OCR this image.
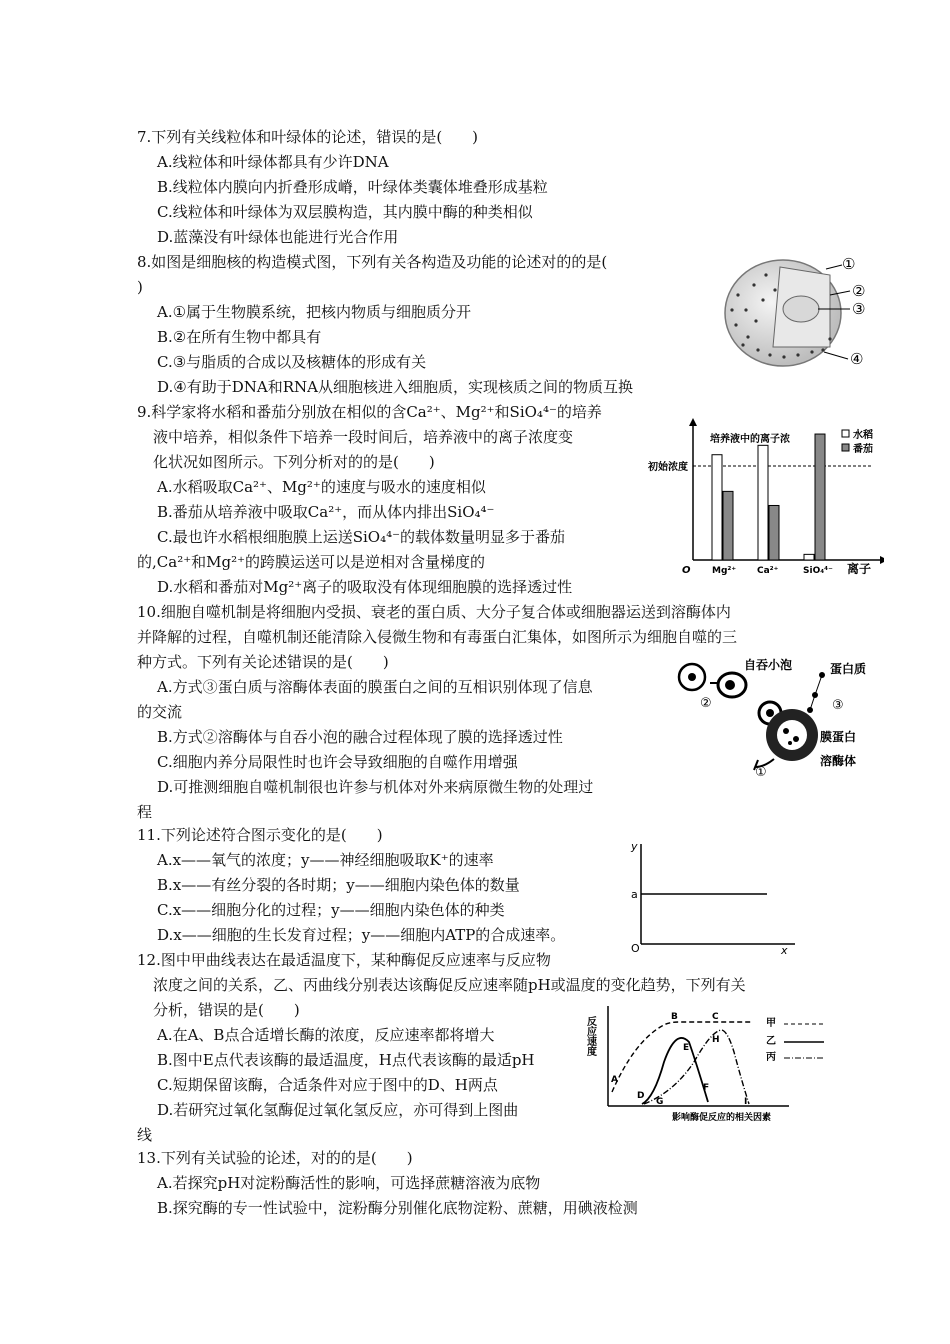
7.下列有关线粒体和叶绿体的论述，错误的是(　　)
A.线粒体和叶绿体都具有少许DNA
B.线粒体内膜向内折叠形成嵴，叶绿体类囊体堆叠形成基粒
C.线粒体和叶绿体为双层膜构造，其内膜中酶的种类相似
D.蓝藻没有叶绿体也能进行光合作用
8.如图是细胞核的构造模式图，下列有关各构造及功能的论述对的的是(
)
A.①属于生物膜系统，把核内物质与细胞质分开
B.②在所有生物中都具有
C.③与脂质的合成以及核糖体的形成有关
D.④有助于DNA和RNA从细胞核进入细胞质，实现核质之间的物质互换
①
②
③
④
9.科学家将水稻和番茄分别放在相似的含Ca²⁺、Mg²⁺和SiO₄⁴⁻的培养
液中培养，相似条件下培养一段时间后，培养液中的离子浓度变
化状况如图所示。下列分析对的的是(　　)
A.水稻吸取Ca²⁺、Mg²⁺的速度与吸水的速度相似
B.番茄从培养液中吸取Ca²⁺，而从体内排出SiO₄⁴⁻
C.最也许水稻根细胞膜上运送SiO₄⁴⁻的载体数量明显多于番茄
的,Ca²⁺和Mg²⁺的跨膜运送可以是逆相对含量梯度的
D.水稻和番茄对Mg²⁺离子的吸取没有体现细胞膜的选择透过性
培养液中的离子浓	水稻
番茄
初始浓度
O Mg²⁺ Ca²⁺	SiO₄⁴⁻ 离子
10.细胞自噬机制是将细胞内受损、衰老的蛋白质、大分子复合体或细胞器运送到溶酶体内
并降解的过程，自噬机制还能清除入侵微生物和有毒蛋白汇集体，如图所示为细胞自噬的三
种方式。下列有关论述错误的是(　　)
A.方式③蛋白质与溶酶体表面的膜蛋白之间的互相识别体现了信息
的交流
B.方式②溶酶体与自吞小泡的融合过程体现了膜的选择透过性
C.细胞内养分局限性时也许会导致细胞的自噬作用增强
D.可推测细胞自噬机制很也许参与机体对外来病原微生物的处理过
程
自吞小泡	蛋白质
膜蛋白
溶酶体
②	③
①
11.下列论述符合图示变化的是(　　)
A.x——氧气的浓度；y——神经细胞吸取K⁺的速率
B.x——有丝分裂的各时期；y——细胞内染色体的数量
C.x——细胞分化的过程；y——细胞内染色体的种类
D.x——细胞的生长发育过程；y——细胞内ATP的合成速率。
y
a
O	x
12.图中甲曲线表达在最适温度下，某种酶促反应速率与反应物
浓度之间的关系，乙、丙曲线分别表达该酶促反应速率随pH或温度的变化趋势，下列有关
分析，错误的是(　　)
A.在A、B点合适增长酶的浓度，反应速率都将增大
B.图中E点代表该酶的最适温度，H点代表该酶的最适pH
C.短期保留该酶，合适条件对应于图中的D、H两点
D.若研究过氧化氢酶促过氧化氢反应，亦可得到上图曲
线
反应速度
A
B	C
D
E
F
G
H
I
甲
乙
丙
影响酶促反应的相关因素
13.下列有关试验的论述，对的的是(　　)
A.若探究pH对淀粉酶活性的影响，可选择蔗糖溶液为底物
B.探究酶的专一性试验中，淀粉酶分别催化底物淀粉、蔗糖，用碘液检测
